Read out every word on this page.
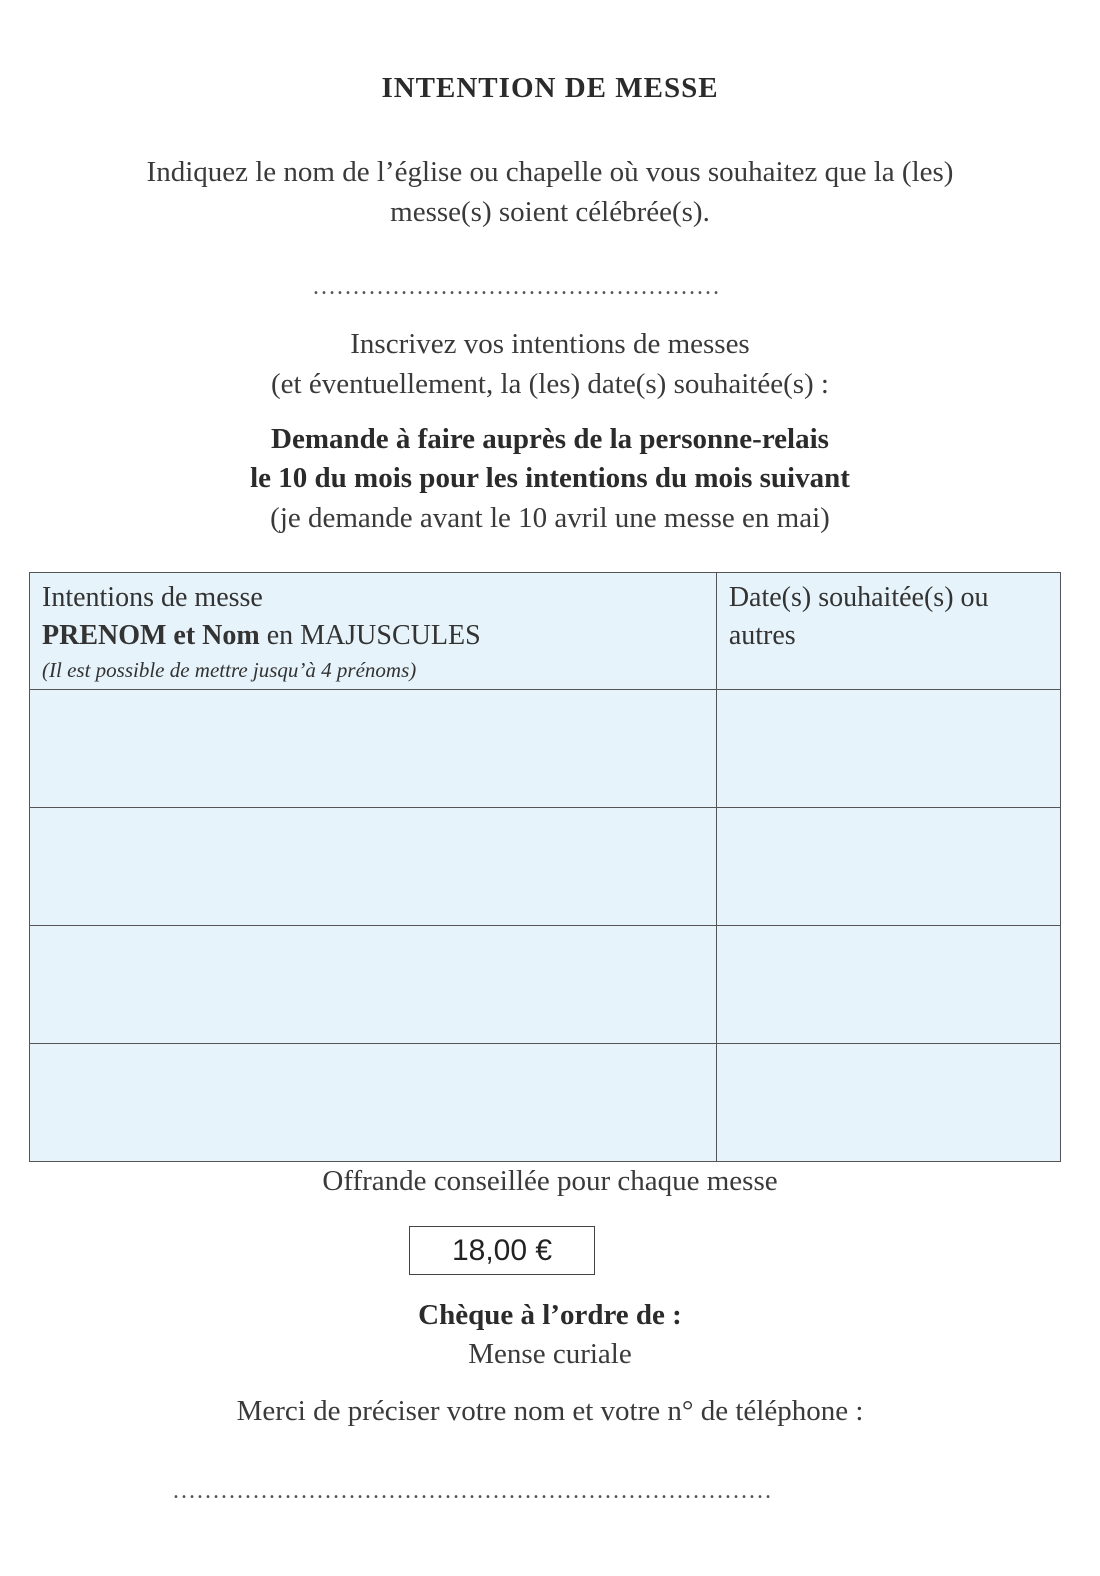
INTENTION DE MESSE
Indiquez le nom de l’église ou chapelle où vous souhaitez que la (les)
messe(s) soient célébrée(s).
……………………………………………
Inscrivez vos intentions de messes
(et éventuellement, la (les) date(s) souhaitée(s) :
Demande à faire auprès de la personne-relais
le 10 du mois pour les intentions du mois suivant
(je demande avant le 10 avril une messe en mai)
Intentions de messe
PRENOM et Nom en MAJUSCULES
(Il est possible de mettre jusqu’à 4 prénoms)	Date(s) souhaitée(s) ou autres

Offrande conseillée pour chaque messe
18,00 €
Chèque à l’ordre de :
Mense curiale
Merci de préciser votre nom et votre n° de téléphone :
…………………………………………………………………
